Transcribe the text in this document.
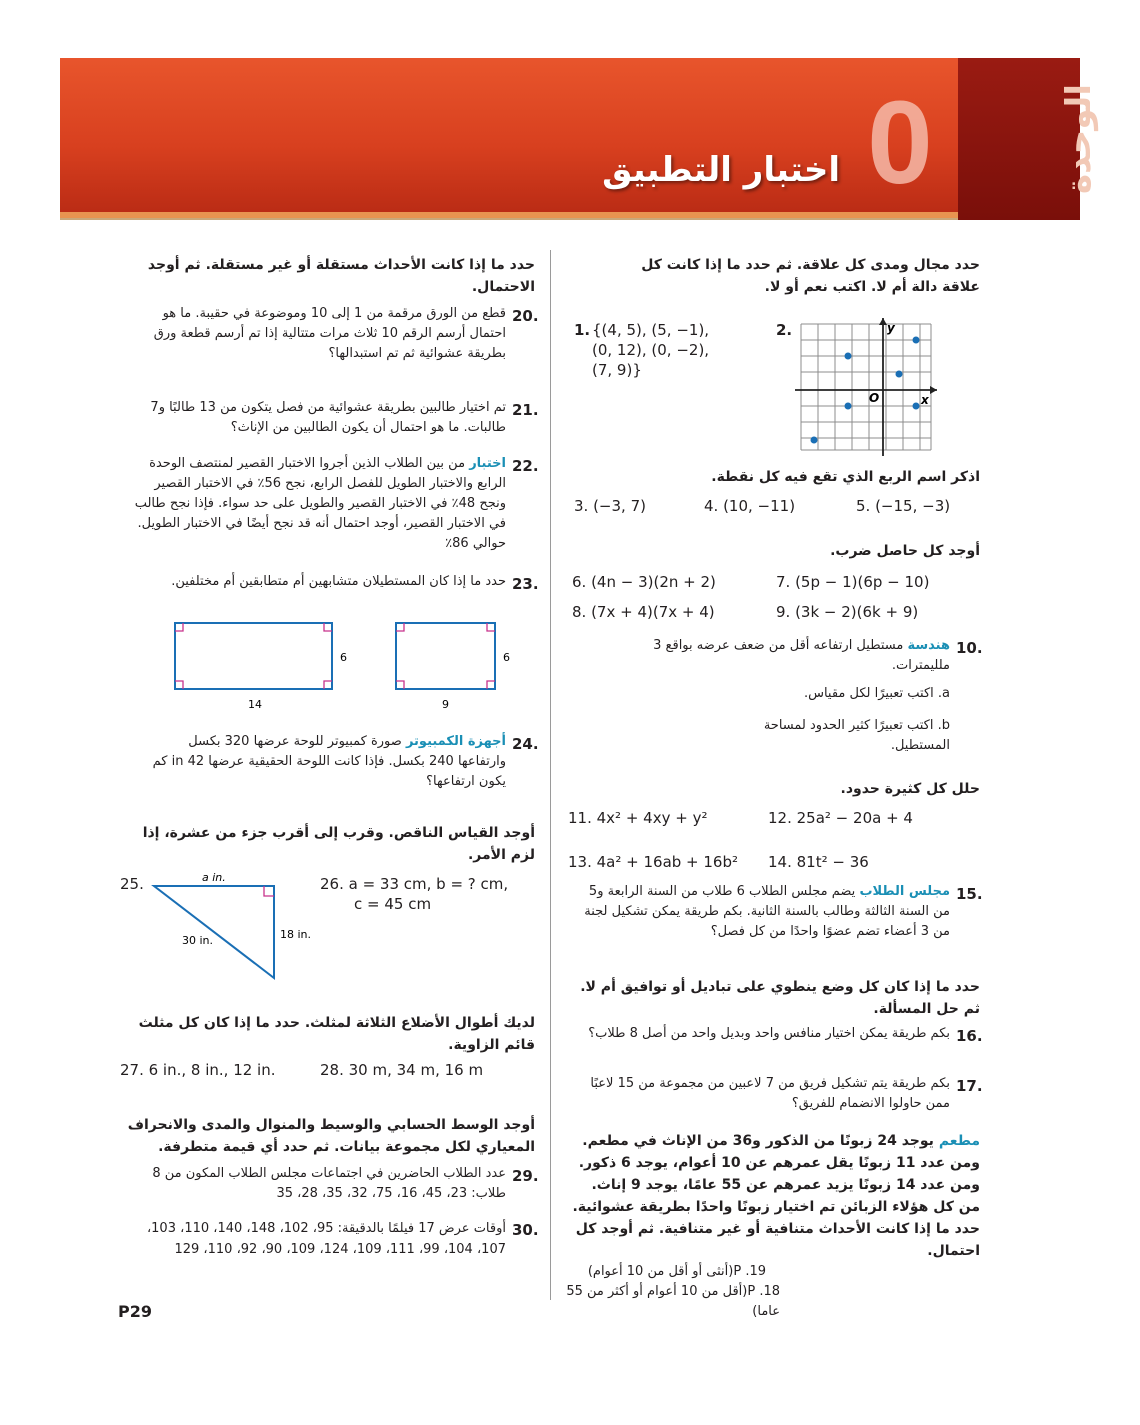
الوحدة
0
اختبار التطبيق
حدد مجال ومدى كل علاقة. ثم حدد ما إذا كانت كل علاقة دالة أم لا. اكتب نعم أو لا.
1. {(4, 5), (5, −1), (0, 12), (0, −2), (7, 9)}
2.	y
x
O
اذكر اسم الربع الذي تقع فيه كل نقطة.
3. (−3, 7)	4. (10, −11)	5. (−15, −3)
أوجد كل حاصل ضرب.
6. (4n − 3)(2n + 2)	7. (5p − 1)(6p − 10)
8. (7x + 4)(7x + 4)	9. (3k − 2)(6k + 9)
10.
هندسة مستطيل ارتفاعه أقل من ضعف عرضه بواقع 3 ملليمترات.
a. اكتب تعبيرًا لكل مقياس.
b. اكتب تعبيرًا كثير الحدود لمساحة المستطيل.
حلل كل كثيرة حدود.
11. 4x² + 4xy + y²	12. 25a² − 20a + 4
13. 4a² + 16ab + 16b² 14. 81t² − 36
15.
مجلس الطلاب يضم مجلس الطلاب 6 طلاب من السنة الرابعة و5 من السنة الثالثة وطالب بالسنة الثانية. بكم طريقة يمكن تشكيل لجنة من 3 أعضاء تضم عضوًا واحدًا من كل فصل؟
حدد ما إذا كان كل وضع ينطوي على تباديل أو توافيق أم لا. ثم حل المسألة.
16.
بكم طريقة يمكن اختيار منافس واحد وبديل واحد من أصل 8 طلاب؟
17.
بكم طريقة يتم تشكيل فريق من 7 لاعبين من مجموعة من 15 لاعبًا ممن حاولوا الانضمام للفريق؟
مطعم يوجد 24 زبونًا من الذكور و36 من الإناث في مطعم. ومن عدد 11 زبونًا يقل عمرهم عن 10 أعوام، يوجد 6 ذكور. ومن عدد 14 زبونًا يزيد عمرهم عن 55 عامًا، يوجد 9 إناث. من كل هؤلاء الزبائن تم اختيار زبونًا واحدًا بطريقة عشوائية. حدد ما إذا كانت الأحداث متنافية أو غير متنافية. ثم أوجد كل احتمال.
19. P(أنثى أو أقل من 10 أعوام)
18. P(أقل من 10 أعوام أو أكثر من 55 عاما)
حدد ما إذا كانت الأحداث مستقلة أو غير مستقلة. ثم أوجد الاحتمال.
20.
قطع من الورق مرقمة من 1 إلى 10 وموضوعة في حقيبة. ما هو احتمال أرسم الرقم 10 ثلاث مرات متتالية إذا تم أرسم قطعة ورق بطريقة عشوائية ثم تم استبدالها؟
21.
تم اختيار طالبين بطريقة عشوائية من فصل يتكون من 13 طالبًا و7 طالبات. ما هو احتمال أن يكون الطالبين من الإناث؟
22.
اختبار من بين الطلاب الذين أجروا الاختبار القصير لمنتصف الوحدة الرابع والاختبار الطويل للفصل الرابع، نجح 56٪ في الاختبار القصير ونجح 48٪ في الاختبار القصير والطويل على حد سواء. فإذا نجح طالب في الاختبار القصير، أوجد احتمال أنه قد نجح أيضًا في الاختبار الطويل. حوالي 86٪
23.
حدد ما إذا كان المستطيلان متشابهين أم متطابقين أم مختلفين.
14
6
9
6
24.
أجهزة الكمبيوتر صورة كمبيوتر للوحة عرضها 320 بكسل وارتفاعها 240 بكسل. فإذا كانت اللوحة الحقيقية عرضها 42 in كم يكون ارتفاعها؟
أوجد القياس الناقص. وقرب إلى أقرب جزء من عشرة، إذا لزم الأمر.
25.	a in.
18 in.
30 in.
26. a = 33 cm, b = ? cm,
c = 45 cm
لديك أطوال الأضلاع الثلاثة لمثلث. حدد ما إذا كان كل مثلث قائم الزاوية.
27. 6 in., 8 in., 12 in.	28. 30 m, 34 m, 16 m
أوجد الوسط الحسابي والوسيط والمنوال والمدى والانحراف المعياري لكل مجموعة بيانات. ثم حدد أي قيمة متطرفة.
29.
عدد الطلاب الحاضرين في اجتماعات مجلس الطلاب المكون من 8 طلاب: 23، 45، 16، 75، 32، 35، 28، 35
30.
أوقات عرض 17 فيلمًا بالدقيقة: 95، 102، 148، 140، 110، 103، 107، 104، 99، 111، 109، 124، 109، 90، 92، 110، 129
P29
